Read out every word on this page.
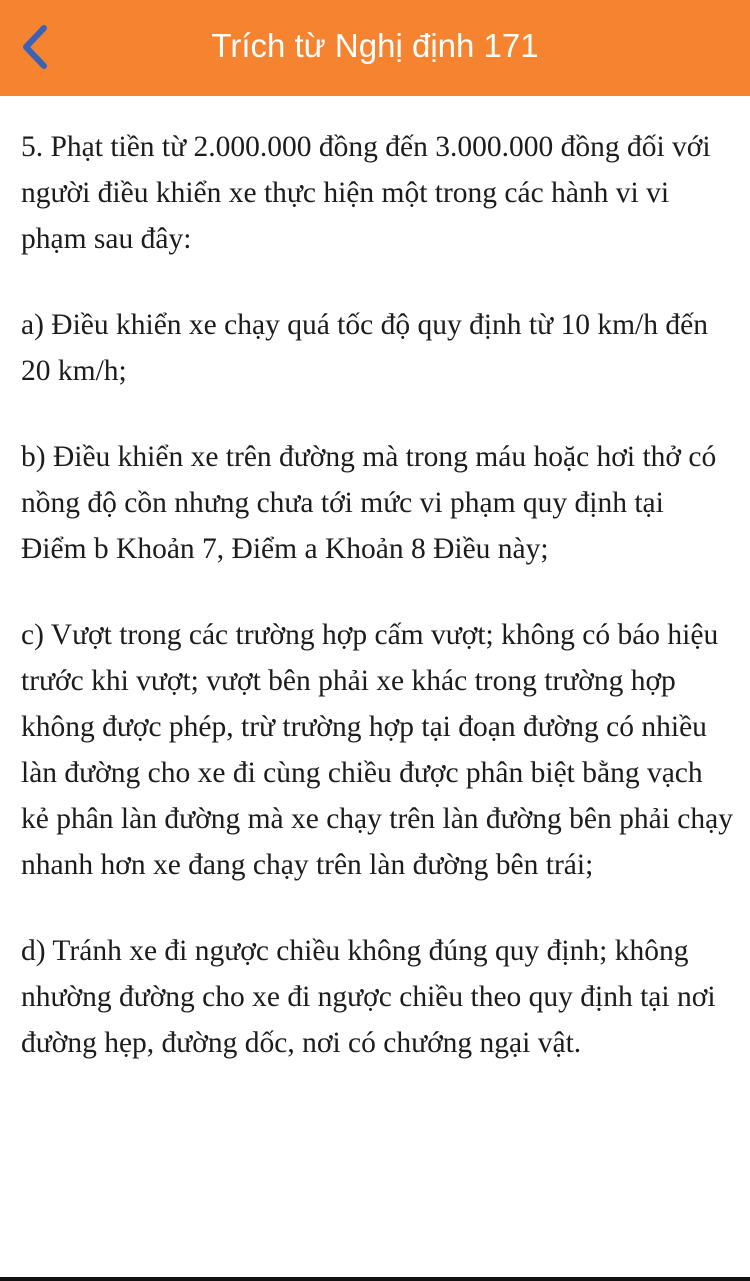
Trích từ Nghị định 171

5. Phạt tiền từ 2.000.000 đồng đến 3.000.000 đồng đối với người điều khiển xe thực hiện một trong các hành vi vi phạm sau đây:

a) Điều khiển xe chạy quá tốc độ quy định từ 10 km/h đến 20 km/h;

b) Điều khiển xe trên đường mà trong máu hoặc hơi thở có nồng độ cồn nhưng chưa tới mức vi phạm quy định tại Điểm b Khoản 7, Điểm a Khoản 8 Điều này;

c) Vượt trong các trường hợp cấm vượt; không có báo hiệu trước khi vượt; vượt bên phải xe khác trong trường hợp không được phép, trừ trường hợp tại đoạn đường có nhiều làn đường cho xe đi cùng chiều được phân biệt bằng vạch kẻ phân làn đường mà xe chạy trên làn đường bên phải chạy nhanh hơn xe đang chạy trên làn đường bên trái;

d) Tránh xe đi ngược chiều không đúng quy định; không nhường đường cho xe đi ngược chiều theo quy định tại nơi đường hẹp, đường dốc, nơi có chướng ngại vật.
